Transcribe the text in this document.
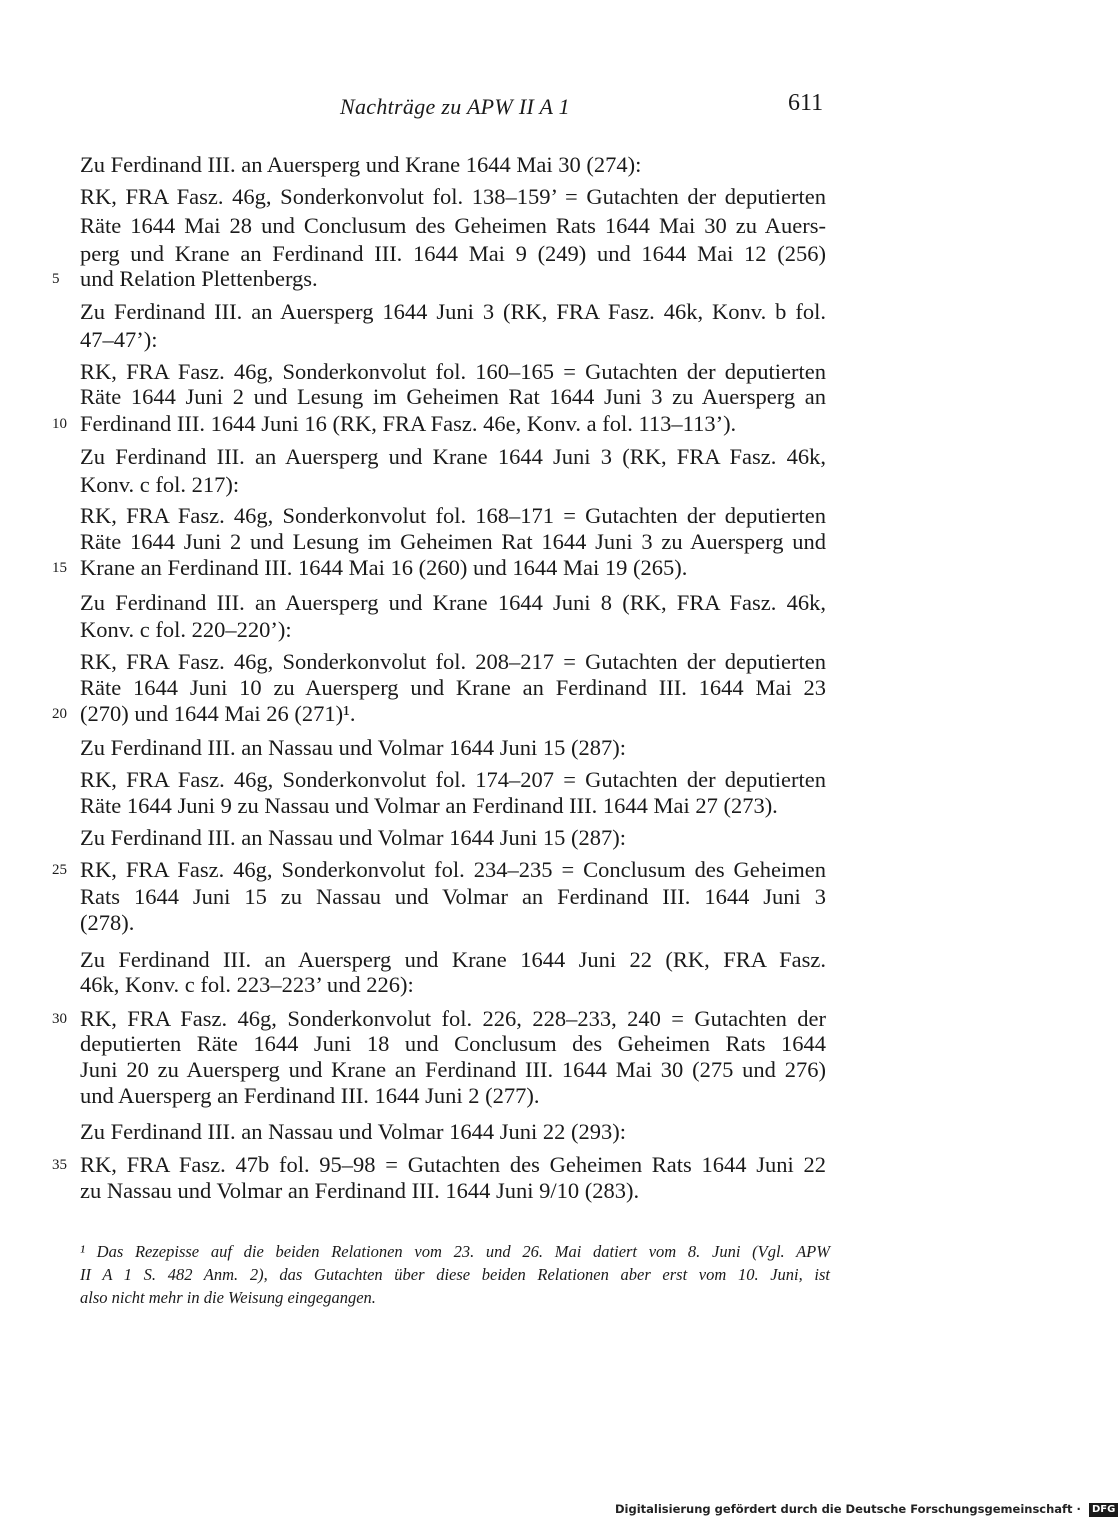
Nachträge zu APW II A 1	611
Zu Ferdinand III. an Auersperg und Krane 1644 Mai 30 (274):
RK, FRA Fasz. 46g, Sonderkonvolut fol. 138–159’ = Gutachten der deputierten
Räte 1644 Mai 28 und Conclusum des Geheimen Rats 1644 Mai 30 zu Auers-
perg und Krane an Ferdinand III. 1644 Mai 9 (249) und 1644 Mai 12 (256)
und Relation Plettenbergs.
Zu Ferdinand III. an Auersperg 1644 Juni 3 (RK, FRA Fasz. 46k, Konv. b fol.
47–47’):
RK, FRA Fasz. 46g, Sonderkonvolut fol. 160–165 = Gutachten der deputierten
Räte 1644 Juni 2 und Lesung im Geheimen Rat 1644 Juni 3 zu Auersperg an
Ferdinand III. 1644 Juni 16 (RK, FRA Fasz. 46e, Konv. a fol. 113–113’).
Zu Ferdinand III. an Auersperg und Krane 1644 Juni 3 (RK, FRA Fasz. 46k,
Konv. c fol. 217):
RK, FRA Fasz. 46g, Sonderkonvolut fol. 168–171 = Gutachten der deputierten
Räte 1644 Juni 2 und Lesung im Geheimen Rat 1644 Juni 3 zu Auersperg und
Krane an Ferdinand III. 1644 Mai 16 (260) und 1644 Mai 19 (265).
Zu Ferdinand III. an Auersperg und Krane 1644 Juni 8 (RK, FRA Fasz. 46k,
Konv. c fol. 220–220’):
RK, FRA Fasz. 46g, Sonderkonvolut fol. 208–217 = Gutachten der deputierten
Räte 1644 Juni 10 zu Auersperg und Krane an Ferdinand III. 1644 Mai 23
(270) und 1644 Mai 26 (271)¹.
Zu Ferdinand III. an Nassau und Volmar 1644 Juni 15 (287):
RK, FRA Fasz. 46g, Sonderkonvolut fol. 174–207 = Gutachten der deputierten
Räte 1644 Juni 9 zu Nassau und Volmar an Ferdinand III. 1644 Mai 27 (273).
Zu Ferdinand III. an Nassau und Volmar 1644 Juni 15 (287):
RK, FRA Fasz. 46g, Sonderkonvolut fol. 234–235 = Conclusum des Geheimen
Rats 1644 Juni 15 zu Nassau und Volmar an Ferdinand III. 1644 Juni 3
(278).
Zu Ferdinand III. an Auersperg und Krane 1644 Juni 22 (RK, FRA Fasz.
46k, Konv. c fol. 223–223’ und 226):
RK, FRA Fasz. 46g, Sonderkonvolut fol. 226, 228–233, 240 = Gutachten der
deputierten Räte 1644 Juni 18 und Conclusum des Geheimen Rats 1644
Juni 20 zu Auersperg und Krane an Ferdinand III. 1644 Mai 30 (275 und 276)
und Auersperg an Ferdinand III. 1644 Juni 2 (277).
Zu Ferdinand III. an Nassau und Volmar 1644 Juni 22 (293):
RK, FRA Fasz. 47b fol. 95–98 = Gutachten des Geheimen Rats 1644 Juni 22
zu Nassau und Volmar an Ferdinand III. 1644 Juni 9/10 (283).
5
10
15
20
25
30
35
¹ Das Rezepisse auf die beiden Relationen vom 23. und 26. Mai datiert vom 8. Juni (Vgl. APW
II A 1 S. 482 Anm. 2), das Gutachten über diese beiden Relationen aber erst vom 10. Juni, ist
also nicht mehr in die Weisung eingegangen.
Digitalisierung gefördert durch die Deutsche Forschungsgemeinschaft · DFG
